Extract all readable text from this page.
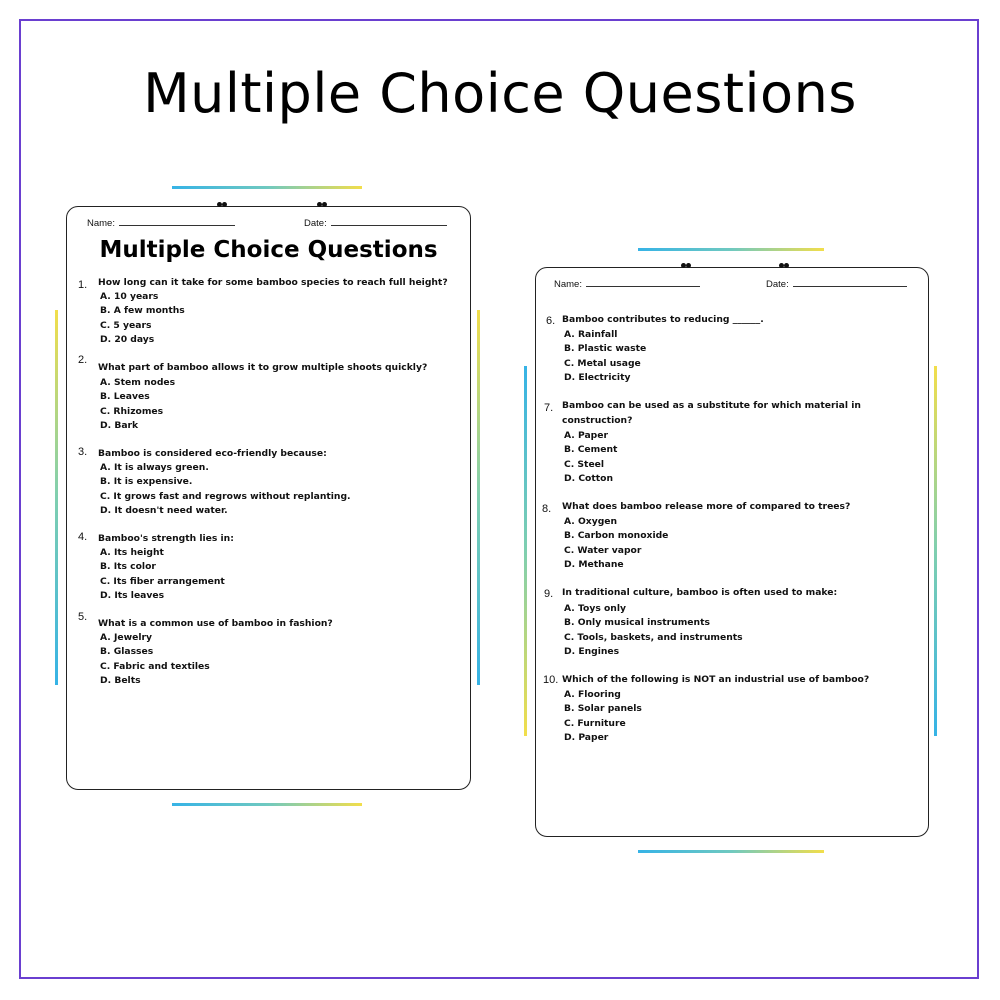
Multiple Choice Questions
Name:	Date:
Multiple Choice Questions
1. How long can it take for some bamboo species to reach full height?
A. 10 years
B. A few months
C. 5 years
D. 20 days
2.
What part of bamboo allows it to grow multiple shoots quickly?
A. Stem nodes
B. Leaves
C. Rhizomes
D. Bark
3. Bamboo is considered eco-friendly because:
A. It is always green.
B. It is expensive.
C. It grows fast and regrows without replanting.
D. It doesn't need water.
4. Bamboo's strength lies in:
A. Its height
B. Its color
C. Its fiber arrangement
D. Its leaves
5.
What is a common use of bamboo in fashion?
A. Jewelry
B. Glasses
C. Fabric and textiles
D. Belts
Name:	Date:
6. Bamboo contributes to reducing ______.
A. Rainfall
B. Plastic waste
C. Metal usage
D. Electricity
7. Bamboo can be used as a substitute for which material in construction?
A. Paper
B. Cement
C. Steel
D. Cotton
8. What does bamboo release more of compared to trees?
A. Oxygen
B. Carbon monoxide
C. Water vapor
D. Methane
9. In traditional culture, bamboo is often used to make:
A. Toys only
B. Only musical instruments
C. Tools, baskets, and instruments
D. Engines
10. Which of the following is NOT an industrial use of bamboo?
A. Flooring
B. Solar panels
C. Furniture
D. Paper
